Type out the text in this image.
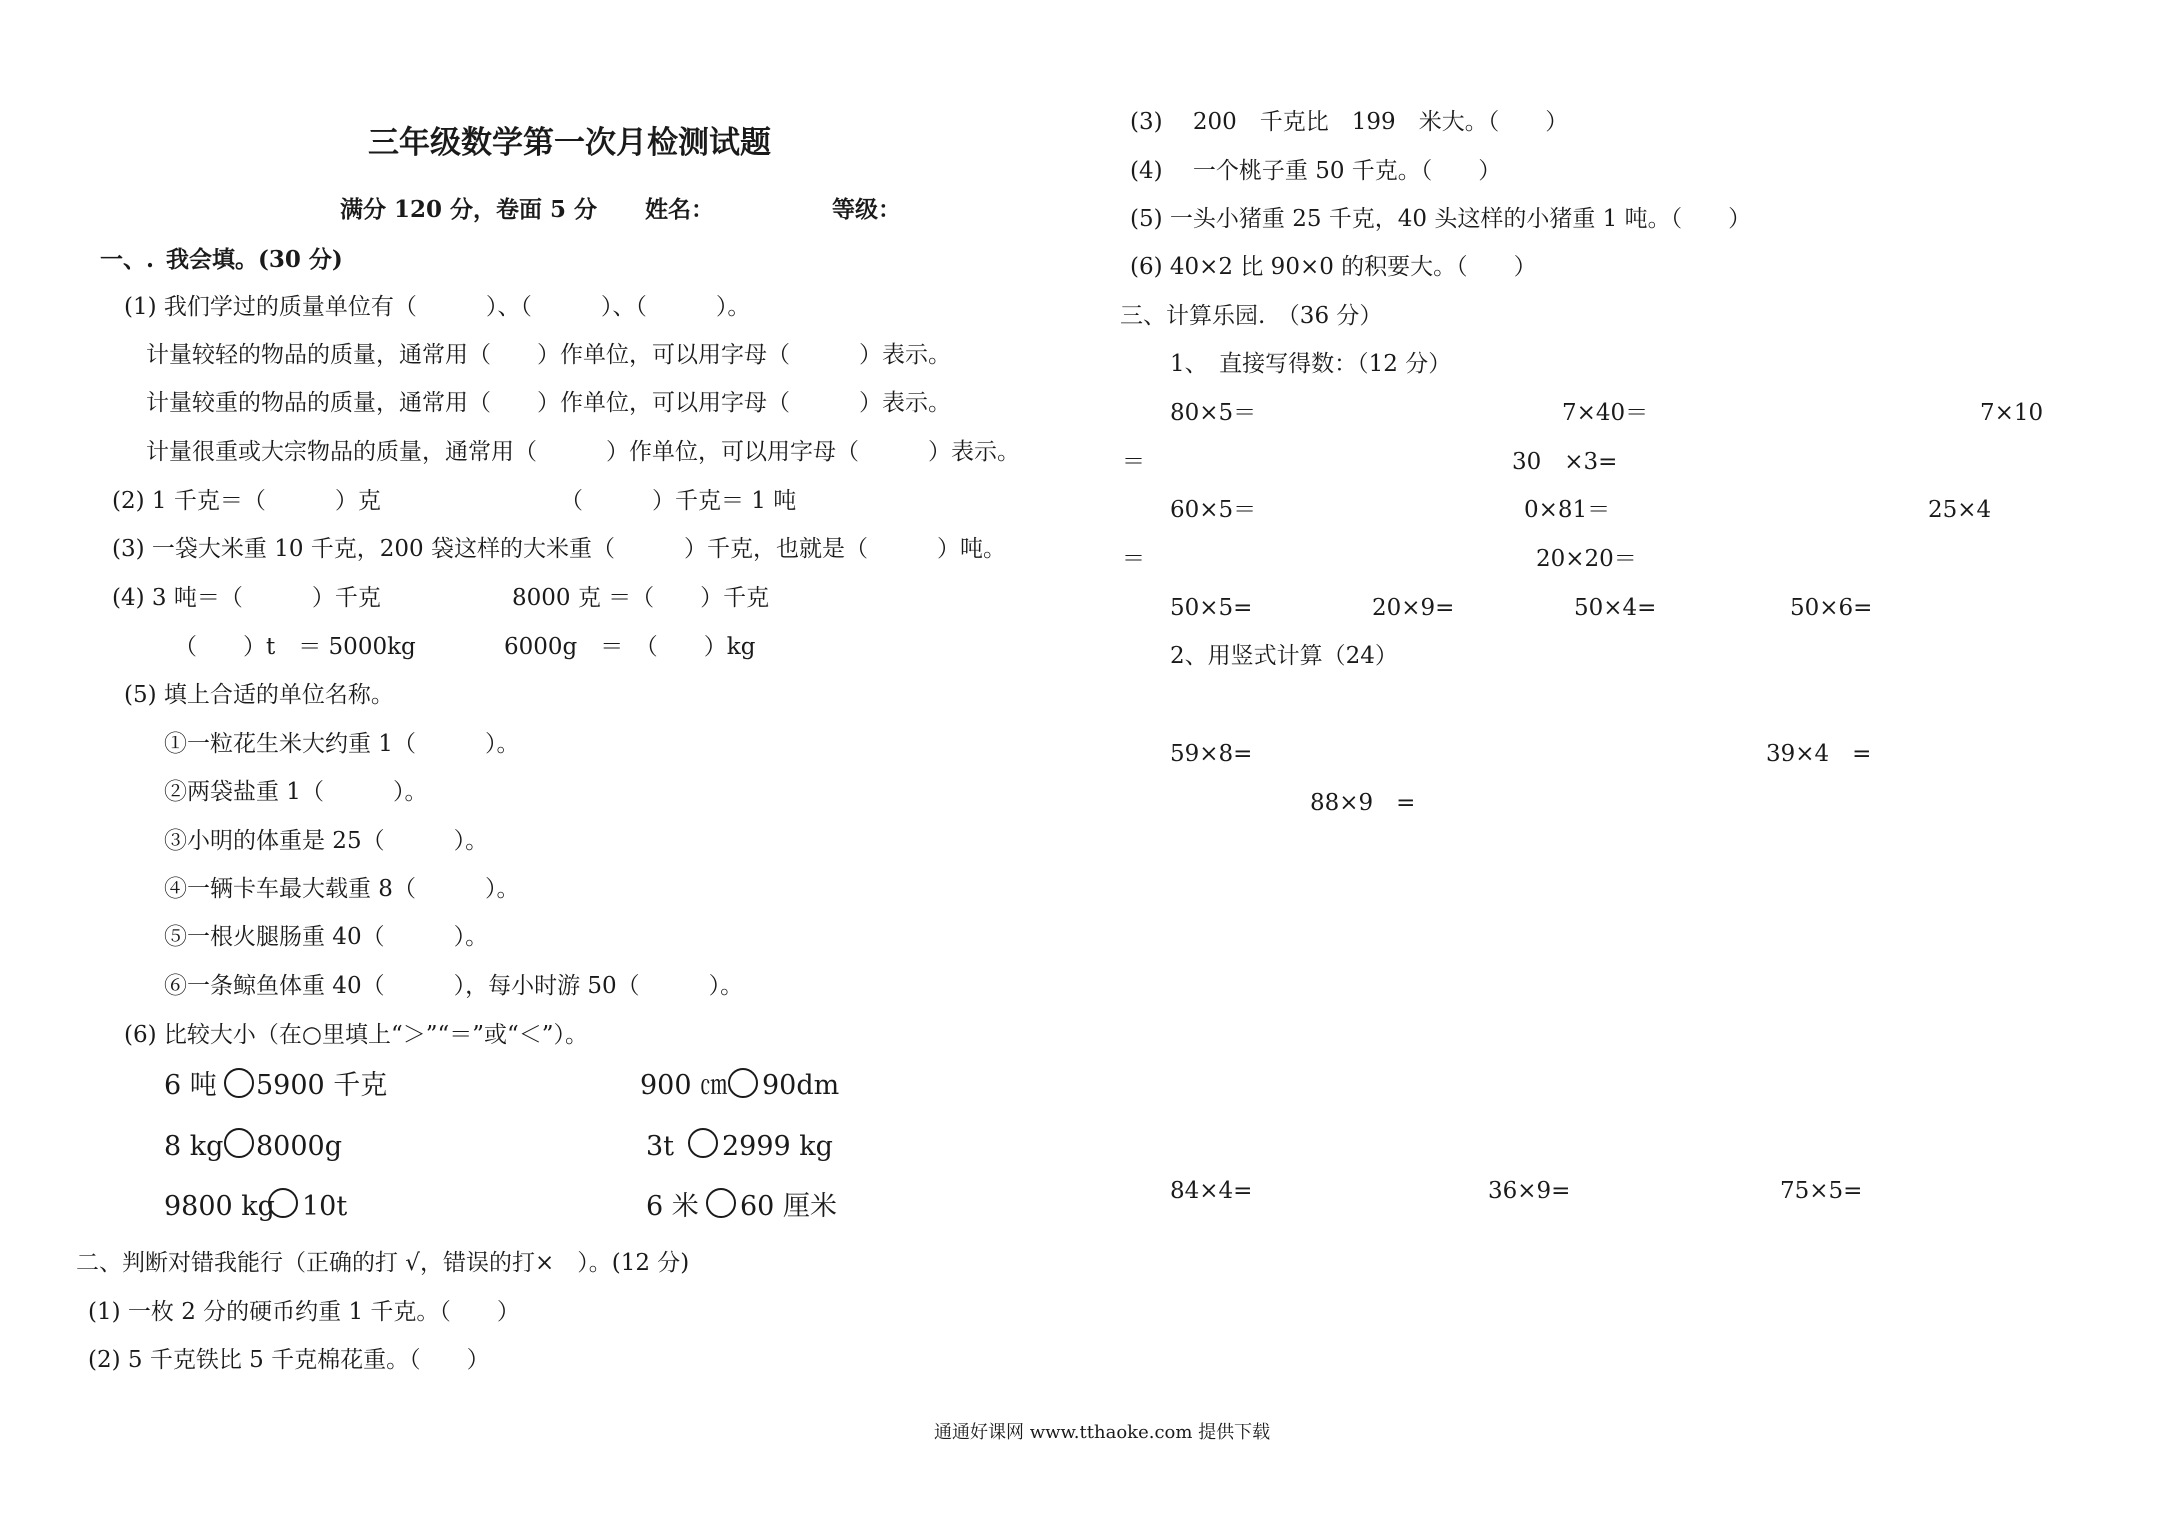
三年级数学第一次月检测试题
满分 120 分，卷面 5 分 姓名：	等级：
一、. 我会填。(30 分)
(1) 我们学过的质量单位有（　　　）、（　　　）、（　　　）。
计量较轻的物品的质量，通常用（　　）作单位，可以用字母（　　　）表示。
计量较重的物品的质量，通常用（　　）作单位，可以用字母（　　　）表示。
计量很重或大宗物品的质量，通常用（　　　）作单位，可以用字母（　　　）表示。
(2) 1 千克＝（　　　）克	（　　　）千克＝ 1 吨
(3) 一袋大米重 10 千克，200 袋这样的大米重（　　　）千克，也就是（　　　）吨。
(4) 3 吨＝（　　　）千克	8000 克 ＝（　　）千克
（　　）t　＝ 5000kg	6000g　＝　（　　）kg
(5) 填上合适的单位名称。
①一粒花生米大约重 1（　　　）。
②两袋盐重 1（　　　）。
③小明的体重是 25（　　　）。
④一辆卡车最大载重 8（　　　）。
⑤一根火腿肠重 40（　　　）。
⑥一条鲸鱼体重 40（　　　），每小时游 50（　　　）。
(6) 比较大小（在○里填上“＞”“＝”或“＜”）。
6 吨 5900 千克	900 ㎝ 90dm
8 kg 8000g	3t 2999 kg
9800 kg 10t	6 米 60 厘米
二、判断对错我能行（正确的打 √，错误的打×　）。(12 分)
(1) 一枚 2 分的硬币约重 1 千克。（　　）
(2) 5 千克铁比 5 千克棉花重。（　　）
(3)　 200　千克比　199　米大。（　　）
(4)　 一个桃子重 50 千克。（　　）
(5) 一头小猪重 25 千克，40 头这样的小猪重 1 吨。（　　）
(6) 40×2 比 90×0 的积要大。（　　）
三、计算乐园.　（36 分）
1、　直接写得数：（12 分）
80×5＝	7×40＝	7×10
＝	30　×3=
60×5＝	0×81＝	25×4
＝	20×20＝
50×5=	20×9=	50×4=	50×6=
2、用竖式计算（24）
59×8=	39×4　=
88×9　=
84×4=	36×9=	75×5=
通通好课网 www.tthaoke.com 提供下载
